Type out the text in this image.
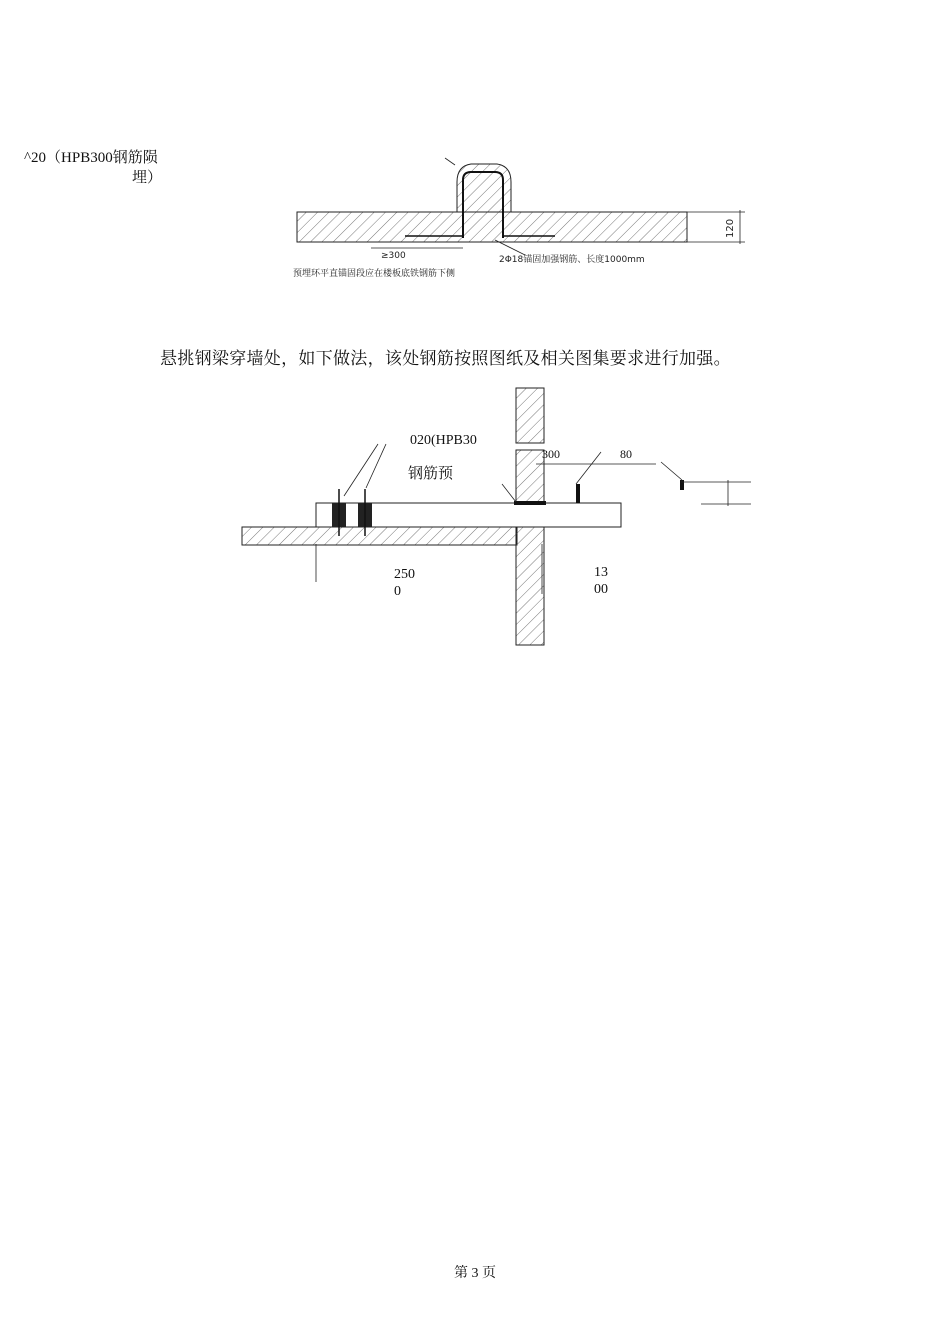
^20（HPB300钢筋陨
埋）
120
≥300	2Φ18锚固加强钢筋、长度1000mm
预埋环平直锚固段应在楼板底铁钢筋下侧
悬挑钢梁穿墙处，如下做法，该处钢筋按照图纸及相关图集要求进行加强。
020(HPB30
钢筋预
300	80
250
0
13
00
第 3 页
